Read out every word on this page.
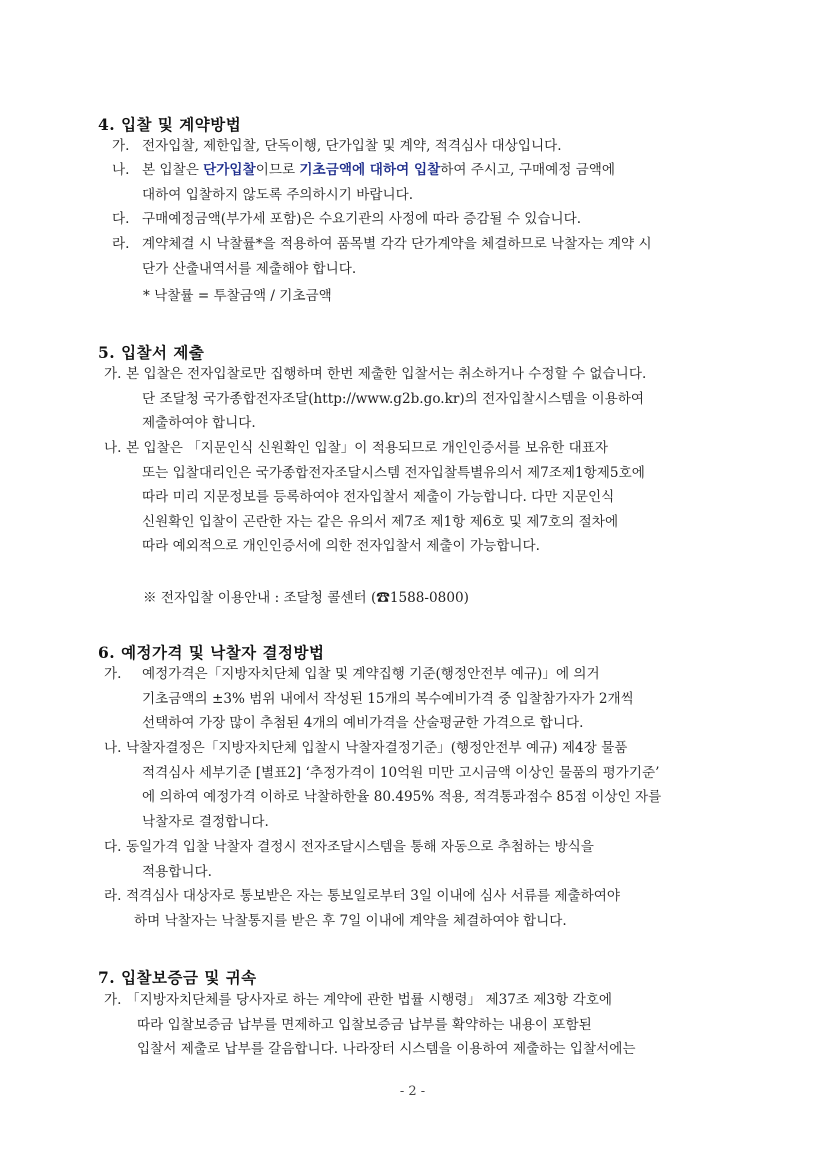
4. 입찰 및 계약방법
가. 전자입찰, 제한입찰, 단독이행, 단가입찰 및 계약, 적격심사 대상입니다.
나. 본 입찰은 단가입찰이므로 기초금액에 대하여 입찰하여 주시고, 구매예정 금액에
대하여 입찰하지 않도록 주의하시기 바랍니다.
다. 구매예정금액(부가세 포함)은 수요기관의 사정에 따라 증감될 수 있습니다.
라. 계약체결 시 낙찰률*을 적용하여 품목별 각각 단가계약을 체결하므로 낙찰자는 계약 시
단가 산출내역서를 제출해야 합니다.
* 낙찰률 = 투찰금액 / 기초금액
5. 입찰서 제출
가. 본 입찰은 전자입찰로만 집행하며 한번 제출한 입찰서는 취소하거나 수정할 수 없습니다.
단 조달청 국가종합전자조달(http://www.g2b.go.kr)의 전자입찰시스템을 이용하여
제출하여야 합니다.
나. 본 입찰은 「지문인식 신원확인 입찰」이 적용되므로 개인인증서를 보유한 대표자
또는 입찰대리인은 국가종합전자조달시스템 전자입찰특별유의서 제7조제1항제5호에
따라 미리 지문정보를 등록하여야 전자입찰서 제출이 가능합니다. 다만 지문인식
신원확인 입찰이 곤란한 자는 같은 유의서 제7조 제1항 제6호 및 제7호의 절차에
따라 예외적으로 개인인증서에 의한 전자입찰서 제출이 가능합니다.
※ 전자입찰 이용안내 : 조달청 콜센터 (☎1588-0800)
6. 예정가격 및 낙찰자 결정방법
가. 예정가격은「지방자치단체 입찰 및 계약집행 기준(행정안전부 예규)」에 의거
기초금액의 ±3% 범위 내에서 작성된 15개의 복수예비가격 중 입찰참가자가 2개씩
선택하여 가장 많이 추첨된 4개의 예비가격을 산술평균한 가격으로 합니다.
나. 낙찰자결정은「지방자치단체 입찰시 낙찰자결정기준」(행정안전부 예규) 제4장 물품
적격심사 세부기준 [별표2] ‘추정가격이 10억원 미만 고시금액 이상인 물품의 평가기준’
에 의하여 예정가격 이하로 낙찰하한율 80.495% 적용, 적격통과점수 85점 이상인 자를
낙찰자로 결정합니다.
다. 동일가격 입찰 낙찰자 결정시 전자조달시스템을 통해 자동으로 추첨하는 방식을
적용합니다.
라. 적격심사 대상자로 통보받은 자는 통보일로부터 3일 이내에 심사 서류를 제출하여야
하며 낙찰자는 낙찰통지를 받은 후 7일 이내에 계약을 체결하여야 합니다.
7. 입찰보증금 및 귀속
가. 「지방자치단체를 당사자로 하는 계약에 관한 법률 시행령」 제37조 제3항 각호에
따라 입찰보증금 납부를 면제하고 입찰보증금 납부를 확약하는 내용이 포함된
입찰서 제출로 납부를 갈음합니다. 나라장터 시스템을 이용하여 제출하는 입찰서에는
- 2 -
